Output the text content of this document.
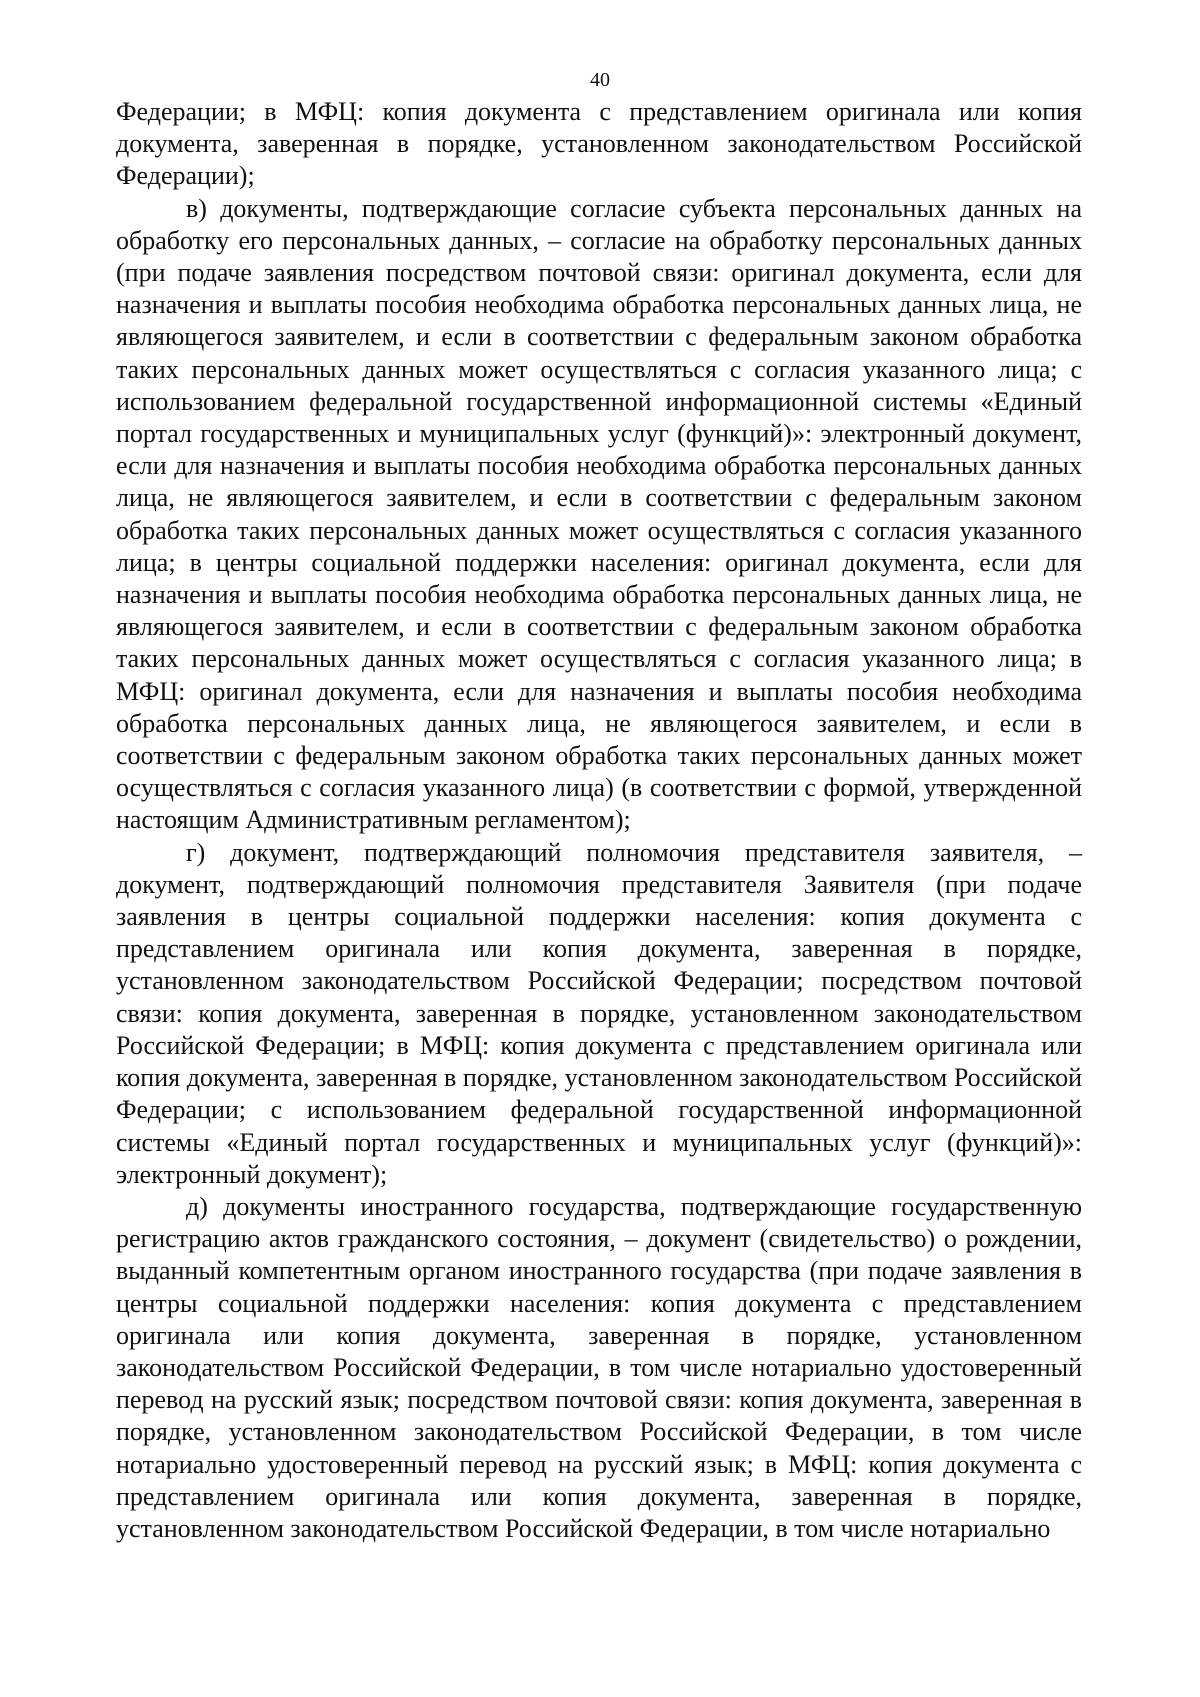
40

Федерации; в МФЦ: копия документа с представлением оригинала или копия документа, заверенная в порядке, установленном законодательством Российской Федерации);

в) документы, подтверждающие согласие субъекта персональных данных на обработку его персональных данных, – согласие на обработку персональных данных (при подаче заявления посредством почтовой связи: оригинал документа, если для назначения и выплаты пособия необходима обработка персональных данных лица, не являющегося заявителем, и если в соответствии с федеральным законом обработка таких персональных данных может осуществляться с согласия указанного лица; с использованием федеральной государственной информационной системы «Единый портал государственных и муниципальных услуг (функций)»: электронный документ, если для назначения и выплаты пособия необходима обработка персональных данных лица, не являющегося заявителем, и если в соответствии с федеральным законом обработка таких персональных данных может осуществляться с согласия указанного лица; в центры социальной поддержки населения: оригинал документа, если для назначения и выплаты пособия необходима обработка персональных данных лица, не являющегося заявителем, и если в соответствии с федеральным законом обработка таких персональных данных может осуществляться с согласия указанного лица; в МФЦ: оригинал документа, если для назначения и выплаты пособия необходима обработка персональных данных лица, не являющегося заявителем, и если в соответствии с федеральным законом обработка таких персональных данных может осуществляться с согласия указанного лица) (в соответствии с формой, утвержденной настоящим Административным регламентом);

г) документ, подтверждающий полномочия представителя заявителя, – документ, подтверждающий полномочия представителя Заявителя (при подаче заявления в центры социальной поддержки населения: копия документа с представлением оригинала или копия документа, заверенная в порядке, установленном законодательством Российской Федерации; посредством почтовой связи: копия документа, заверенная в порядке, установленном законодательством Российской Федерации; в МФЦ: копия документа с представлением оригинала или копия документа, заверенная в порядке, установленном законодательством Российской Федерации; с использованием федеральной государственной информационной системы «Единый портал государственных и муниципальных услуг (функций)»: электронный документ);

д) документы иностранного государства, подтверждающие государственную регистрацию актов гражданского состояния, – документ (свидетельство) о рождении, выданный компетентным органом иностранного государства (при подаче заявления в центры социальной поддержки населения: копия документа с представлением оригинала или копия документа, заверенная в порядке, установленном законодательством Российской Федерации, в том числе нотариально удостоверенный перевод на русский язык; посредством почтовой связи: копия документа, заверенная в порядке, установленном законодательством Российской Федерации, в том числе нотариально удостоверенный перевод на русский язык; в МФЦ: копия документа с представлением оригинала или копия документа, заверенная в порядке, установленном законодательством Российской Федерации, в том числе нотариально
